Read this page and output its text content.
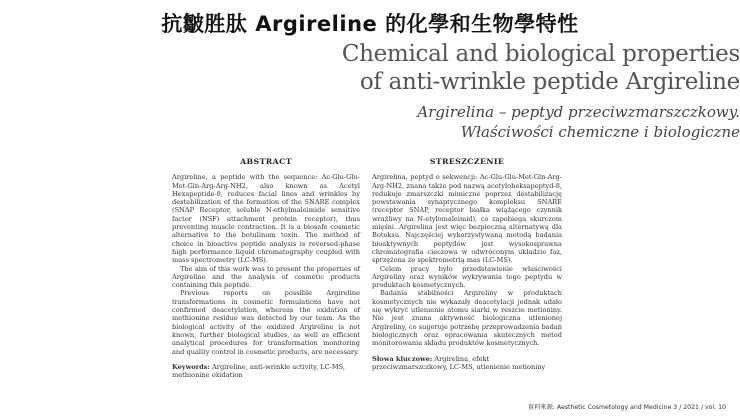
抗皺胜肽 Argireline 的化學和生物學特性
Chemical and biological properties
of anti-wrinkle peptide Argireline
Argirelina – peptyd przeciwzmarszczkowy.
Właściwości chemiczne i biologiczne
ABSTRACT

Argireline, a peptide with the sequence: Ac-Glu-Glu-Met-Gln-Arg-Arg-NH2, also known as Acetyl Hexapeptide-8, reduces facial lines and wrinkles by destabilization of the formation of the SNARE complex (SNAP Receptor, soluble N-ethylmaleimide sensitive factor (NSF) attachment protein receptor), thus preventing muscle contraction. It is a biosafe cosmetic alternative to the botulinum toxin. The method of choice in bioactive peptide analysis is reversed-phase high performance liquid chromatography coupled with mass spectrometry (LC-MS).

The aim of this work was to present the properties of Argireline and the analysis of cosmetic products containing this peptide.

Previous reports on possible Argireline transformations in cosmetic formulations have not confirmed deacetylation, whereas the oxidation of methionine residue was detected by our team. As the biological activity of the oxidized Argireline is not known, further biological studies, as well as efficient analytical procedures for transformation monitoring and quality control in cosmetic products, are necessary.

Keywords: Argireline, anti-wrinkle activity, LC-MS, methionine oxidation

STRESZCZENIE

Argirelina, peptyd o sekwencji: Ac-Glu-Glu-Met-Gln-Arg-Arg-NH2, znana także pod nazwą acetyloheksapeptyd-8, redukuje zmarszczki mimiczne poprzez destabilizację powstawania synaptycznego kompleksu SNARE (receptor SNAP, receptor białka wiążącego czynnik wrażliwy na N-etylomaleimid), co zapobiega skurczom mięśni. Argirelina jest więc bezpieczną alternatywą dla Botoksu. Najczęściej wykorzystywaną metodą badania bioaktywnych peptydów jest wysokosprawna chromatografia cieczowa w odwróconym układzie faz, sprzężona ze spektrometrią mas (LC-MS).

Celem pracy było przedstawienie właściwości Argireliny oraz wyników wykrywania tego peptydu w produktach kosmetycznych.

Badania stabilności Argireliny w produktach kosmetycznych nie wykazały deacetylacji jednak udało się wykryć utlenienie atomu siarki w reszcie metioniny. Nie jest znana aktywność biologiczna utlenionej Argireliny, co sugeruje potrzebę przeprowadzenia badań biologicznych oraz opracowania skutecznych metod monitorowania składu produktów kosmetycznych.

Słowa kluczowe: Argirelina, efekt przeciwzmarszczkowy, LC-MS, utlenienie metioniny

資料來源: Aesthetic Cosmetology and Medicine 3 / 2021 / vol. 10
